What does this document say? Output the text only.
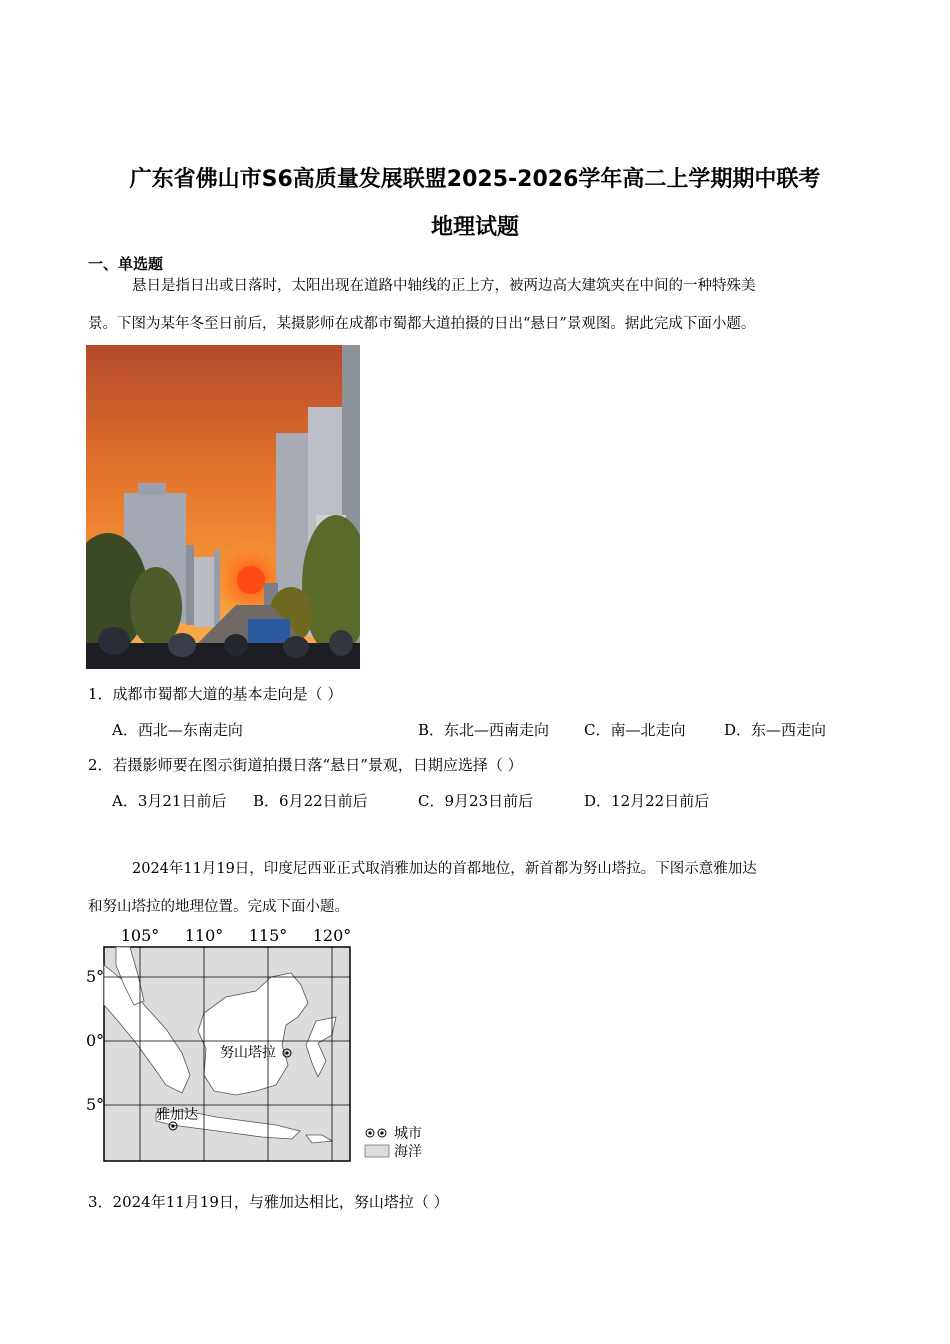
广东省佛山市S6高质量发展联盟2025-2026学年高二上学期期中联考
地理试题
一、单选题
悬日是指日出或日落时，太阳出现在道路中轴线的正上方，被两边高大建筑夹在中间的一种特殊美
景。下图为某年冬至日前后，某摄影师在成都市蜀都大道拍摄的日出“悬日”景观图。据此完成下面小题。
1．成都市蜀都大道的基本走向是（ ）
A．西北—东南走向	B．东北—西南走向 C．南—北走向	D．东—西走向
2．若摄影师要在图示街道拍摄日落“悬日”景观，日期应选择（ ）
A．3月21日前后 B．6月22日前后	C．9月23日前后	D．12月22日前后
2024年11月19日，印度尼西亚正式取消雅加达的首都地位，新首都为努山塔拉。下图示意雅加达
和努山塔拉的地理位置。完成下面小题。
105° 110° 115° 120°
5°
0°
5°
努山塔拉
雅加达
城市
海洋
3．2024年11月19日，与雅加达相比，努山塔拉（ ）
